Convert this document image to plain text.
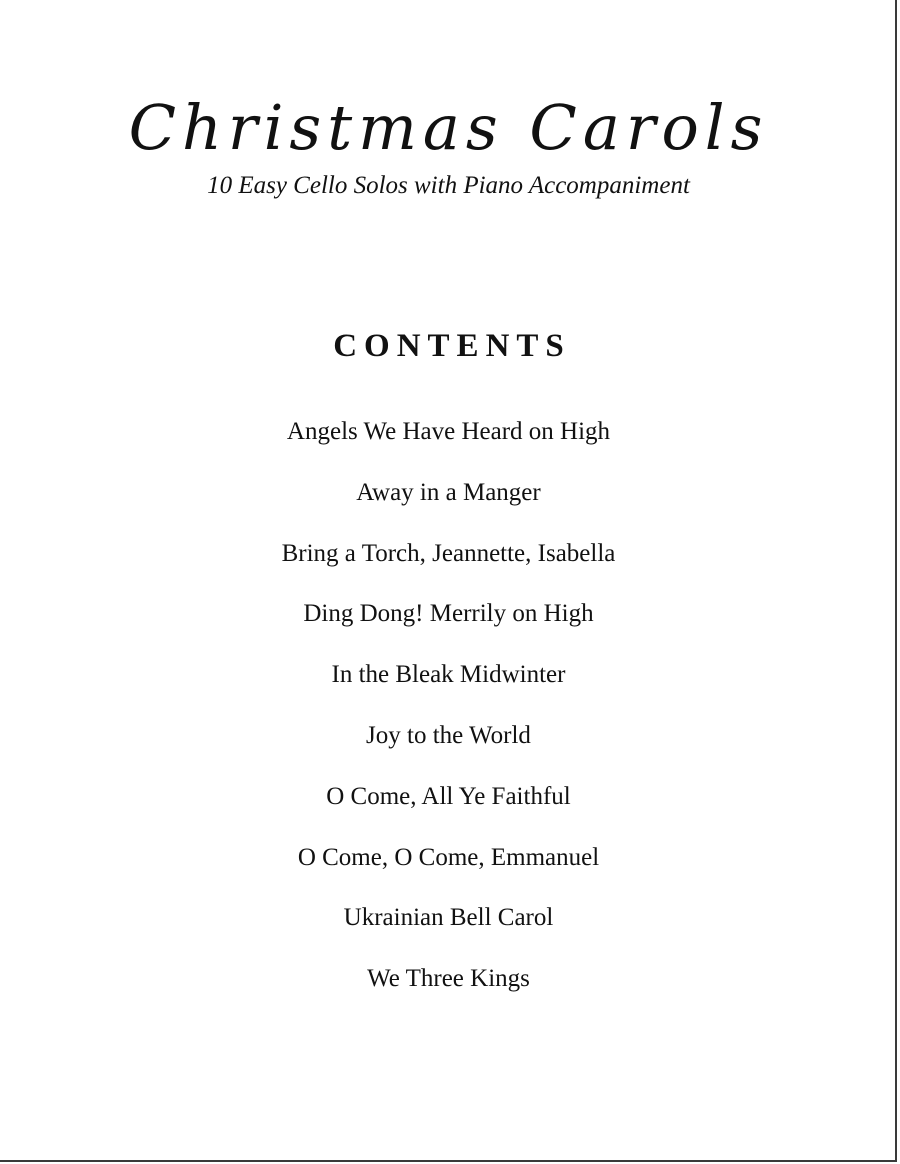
Christmas Carols
10 Easy Cello Solos with Piano Accompaniment
CONTENTS
Angels We Have Heard on High
Away in a Manger
Bring a Torch, Jeannette, Isabella
Ding Dong! Merrily on High
In the Bleak Midwinter
Joy to the World
O Come, All Ye Faithful
O Come, O Come, Emmanuel
Ukrainian Bell Carol
We Three Kings
